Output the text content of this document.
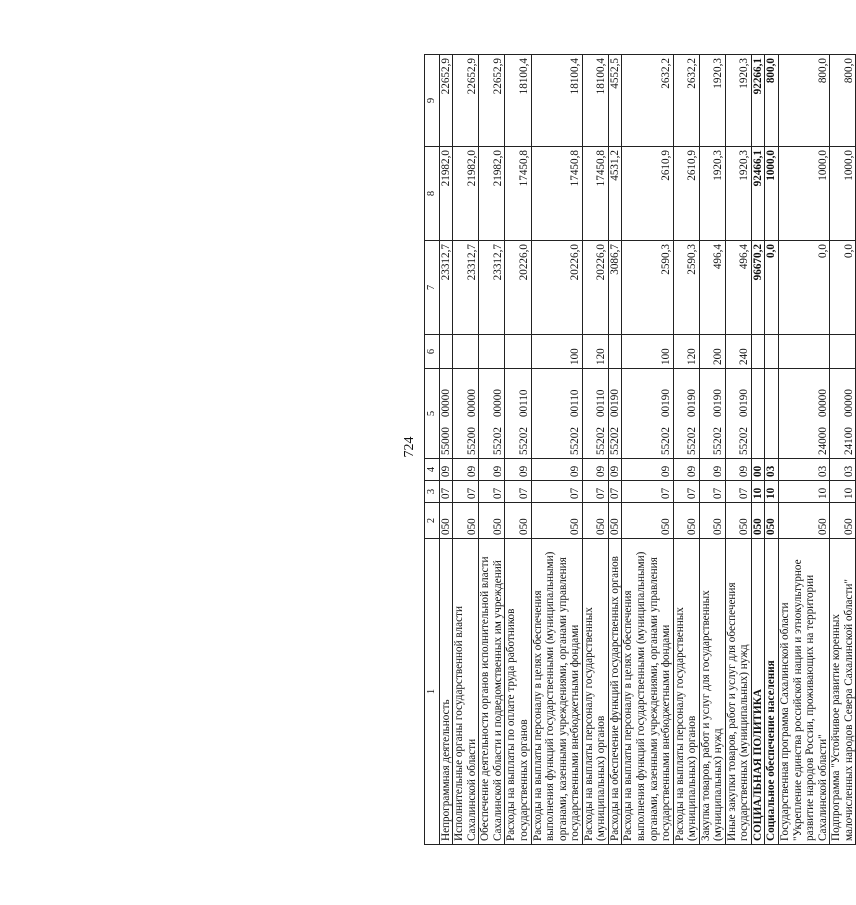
724
1	2	3	4	5	6	7	8	9
Непрограммная деятельность	050	07	09	5500000000		23312,7	21982,0	22652,9
Исполнительные органы государственной власти Сахалинской области	050	07	09	5520000000		23312,7	21982,0	22652,9
Обеспечение деятельности органов исполнительной власти Сахалинской области и подведомственных им учреждений	050	07	09	5520200000		23312,7	21982,0	22652,9
Расходы на выплаты по оплате труда работников государственных органов	050	07	09	5520200110		20226,0	17450,8	18100,4
Расходы на выплаты персоналу в целях обеспечения выполнения функций государственными (муниципальными) органами, казенными учреждениями, органами управления государственными внебюджетными фондами	050	07	09	5520200110	100	20226,0	17450,8	18100,4
Расходы на выплаты персоналу государственных (муниципальных) органов	050	07	09	5520200110	120	20226,0	17450,8	18100,4
Расходы на обеспечение функций государственных органов	050	07	09	5520200190		3086,7	4531,2	4552,5
Расходы на выплаты персоналу в целях обеспечения выполнения функций государственными (муниципальными) органами, казенными учреждениями, органами управления государственными внебюджетными фондами	050	07	09	5520200190	100	2590,3	2610,9	2632,2
Расходы на выплаты персоналу государственных (муниципальных) органов	050	07	09	5520200190	120	2590,3	2610,9	2632,2
Закупка товаров, работ и услуг для государственных (муниципальных) нужд	050	07	09	5520200190	200	496,4	1920,3	1920,3
Иные закупки товаров, работ и услуг для обеспечения государственных (муниципальных) нужд	050	07	09	5520200190	240	496,4	1920,3	1920,3
СОЦИАЛЬНАЯ ПОЛИТИКА	050	10	00			96670,2	92466,1	92266,1
Социальное обеспечение населения	050	10	03			0,0	1000,0	800,0
Государственная программа Сахалинской области "Укрепление единства российской нации и этнокультурное развитие народов России, проживающих на территории Сахалинской области"	050	10	03	2400000000		0,0	1000,0	800,0
Подпрограмма "Устойчивое развитие коренных малочисленных народов Севера Сахалинской области"	050	10	03	2410000000		0,0	1000,0	800,0
